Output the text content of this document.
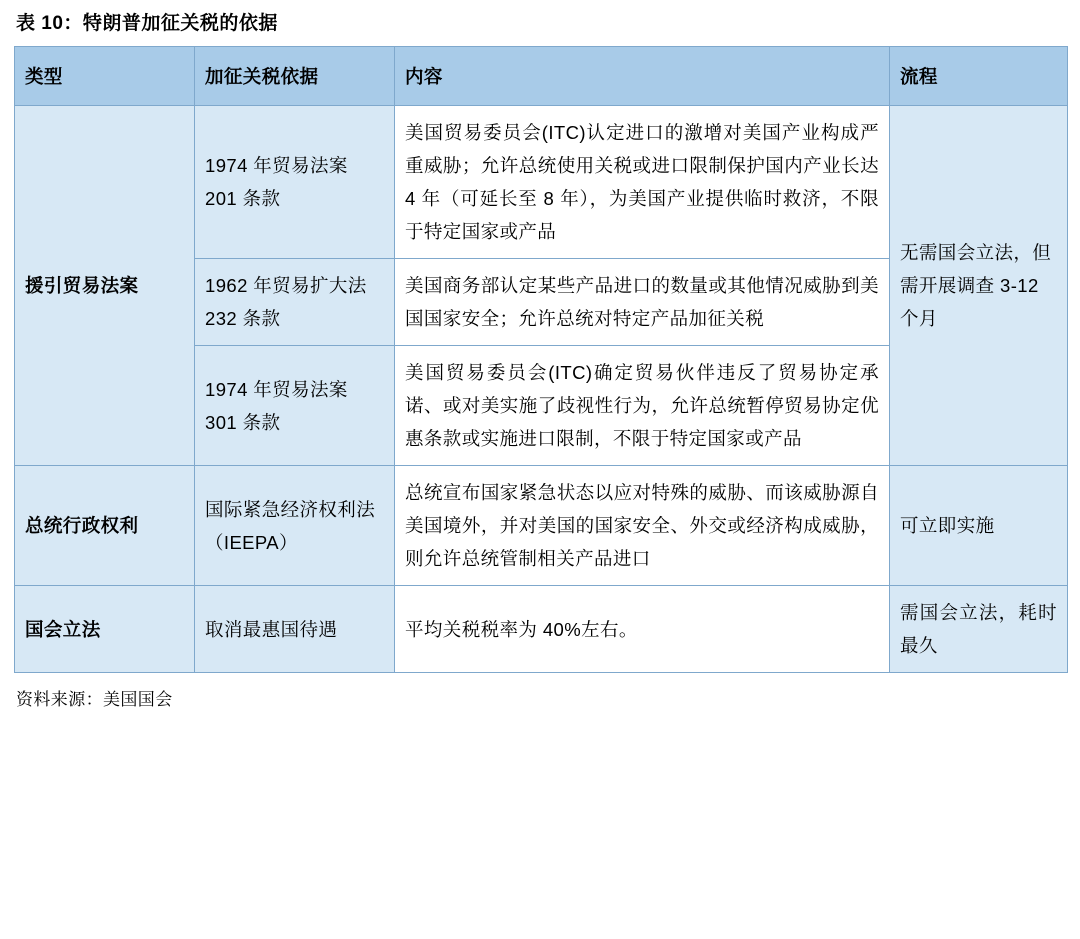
表 10：特朗普加征关税的依据
类型	加征关税依据	内容	流程
援引贸易法案	1974 年贸易法案 201 条款	美国贸易委员会(ITC)认定进口的激增对美国产业构成严重威胁；允许总统使用关税或进口限制保护国内产业长达 4 年（可延长至 8 年），为美国产业提供临时救济，不限于特定国家或产品	无需国会立法，但需开展调查 3-12 个月
	1962 年贸易扩大法 232 条款	美国商务部认定某些产品进口的数量或其他情况威胁到美国国家安全；允许总统对特定产品加征关税	
	1974 年贸易法案 301 条款	美国贸易委员会(ITC)确定贸易伙伴违反了贸易协定承诺、或对美实施了歧视性行为，允许总统暂停贸易协定优惠条款或实施进口限制，不限于特定国家或产品	
总统行政权利	国际紧急经济权利法（IEEPA）	总统宣布国家紧急状态以应对特殊的威胁、而该威胁源自美国境外，并对美国的国家安全、外交或经济构成威胁，则允许总统管制相关产品进口	可立即实施
国会立法	取消最惠国待遇	平均关税税率为 40%左右。	需国会立法，耗时最久
资料来源：美国国会
